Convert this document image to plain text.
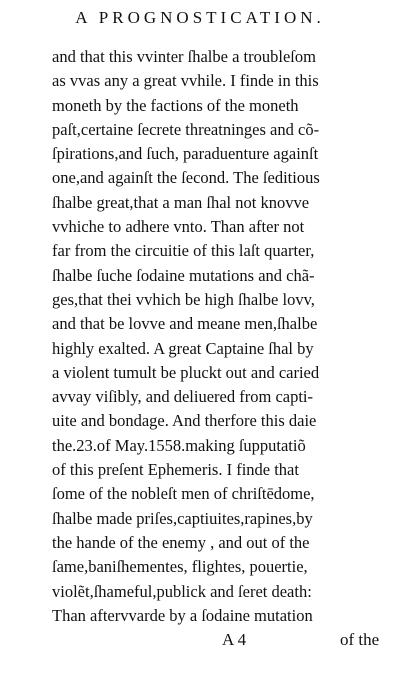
A PROGNOSTICATION.
and that this vvinter ſhalbe a troubleſom
as vvas any a great vvhile. I finde in this
moneth by the factions of the moneth
paſt,certaine ſecrete threatninges and cõ-
ſpirations,and ſuch, paraduenture againſt
one,and againſt the ſecond. The ſeditious
ſhalbe great,that a man ſhal not knovve
vvhiche to adhere vnto. Than after not
far from the circuitie of this laſt quarter,
ſhalbe ſuche ſodaine mutations and chã-
ges,that thei vvhich be high ſhalbe lovv,
and that be lovve and meane men,ſhalbe
highly exalted. A great Captaine ſhal by
a violent tumult be pluckt out and caried
avvay viſibly, and deliuered from capti-
uite and bondage. And therfore this daie
the.23.of May.1558.making ſupputatiõ
of this preſent Ephemeris. I finde that
ſome of the nobleſt men of chriſtēdome,
ſhalbe made priſes,captiuites,rapines,by
the hande of the enemy , and out of the
ſame,baniſhementes, flightes, pouertie,
violẽt,ſhameful,publick and ſeret death:
Than aftervvarde by a ſodaine mutation
A 4	of the
